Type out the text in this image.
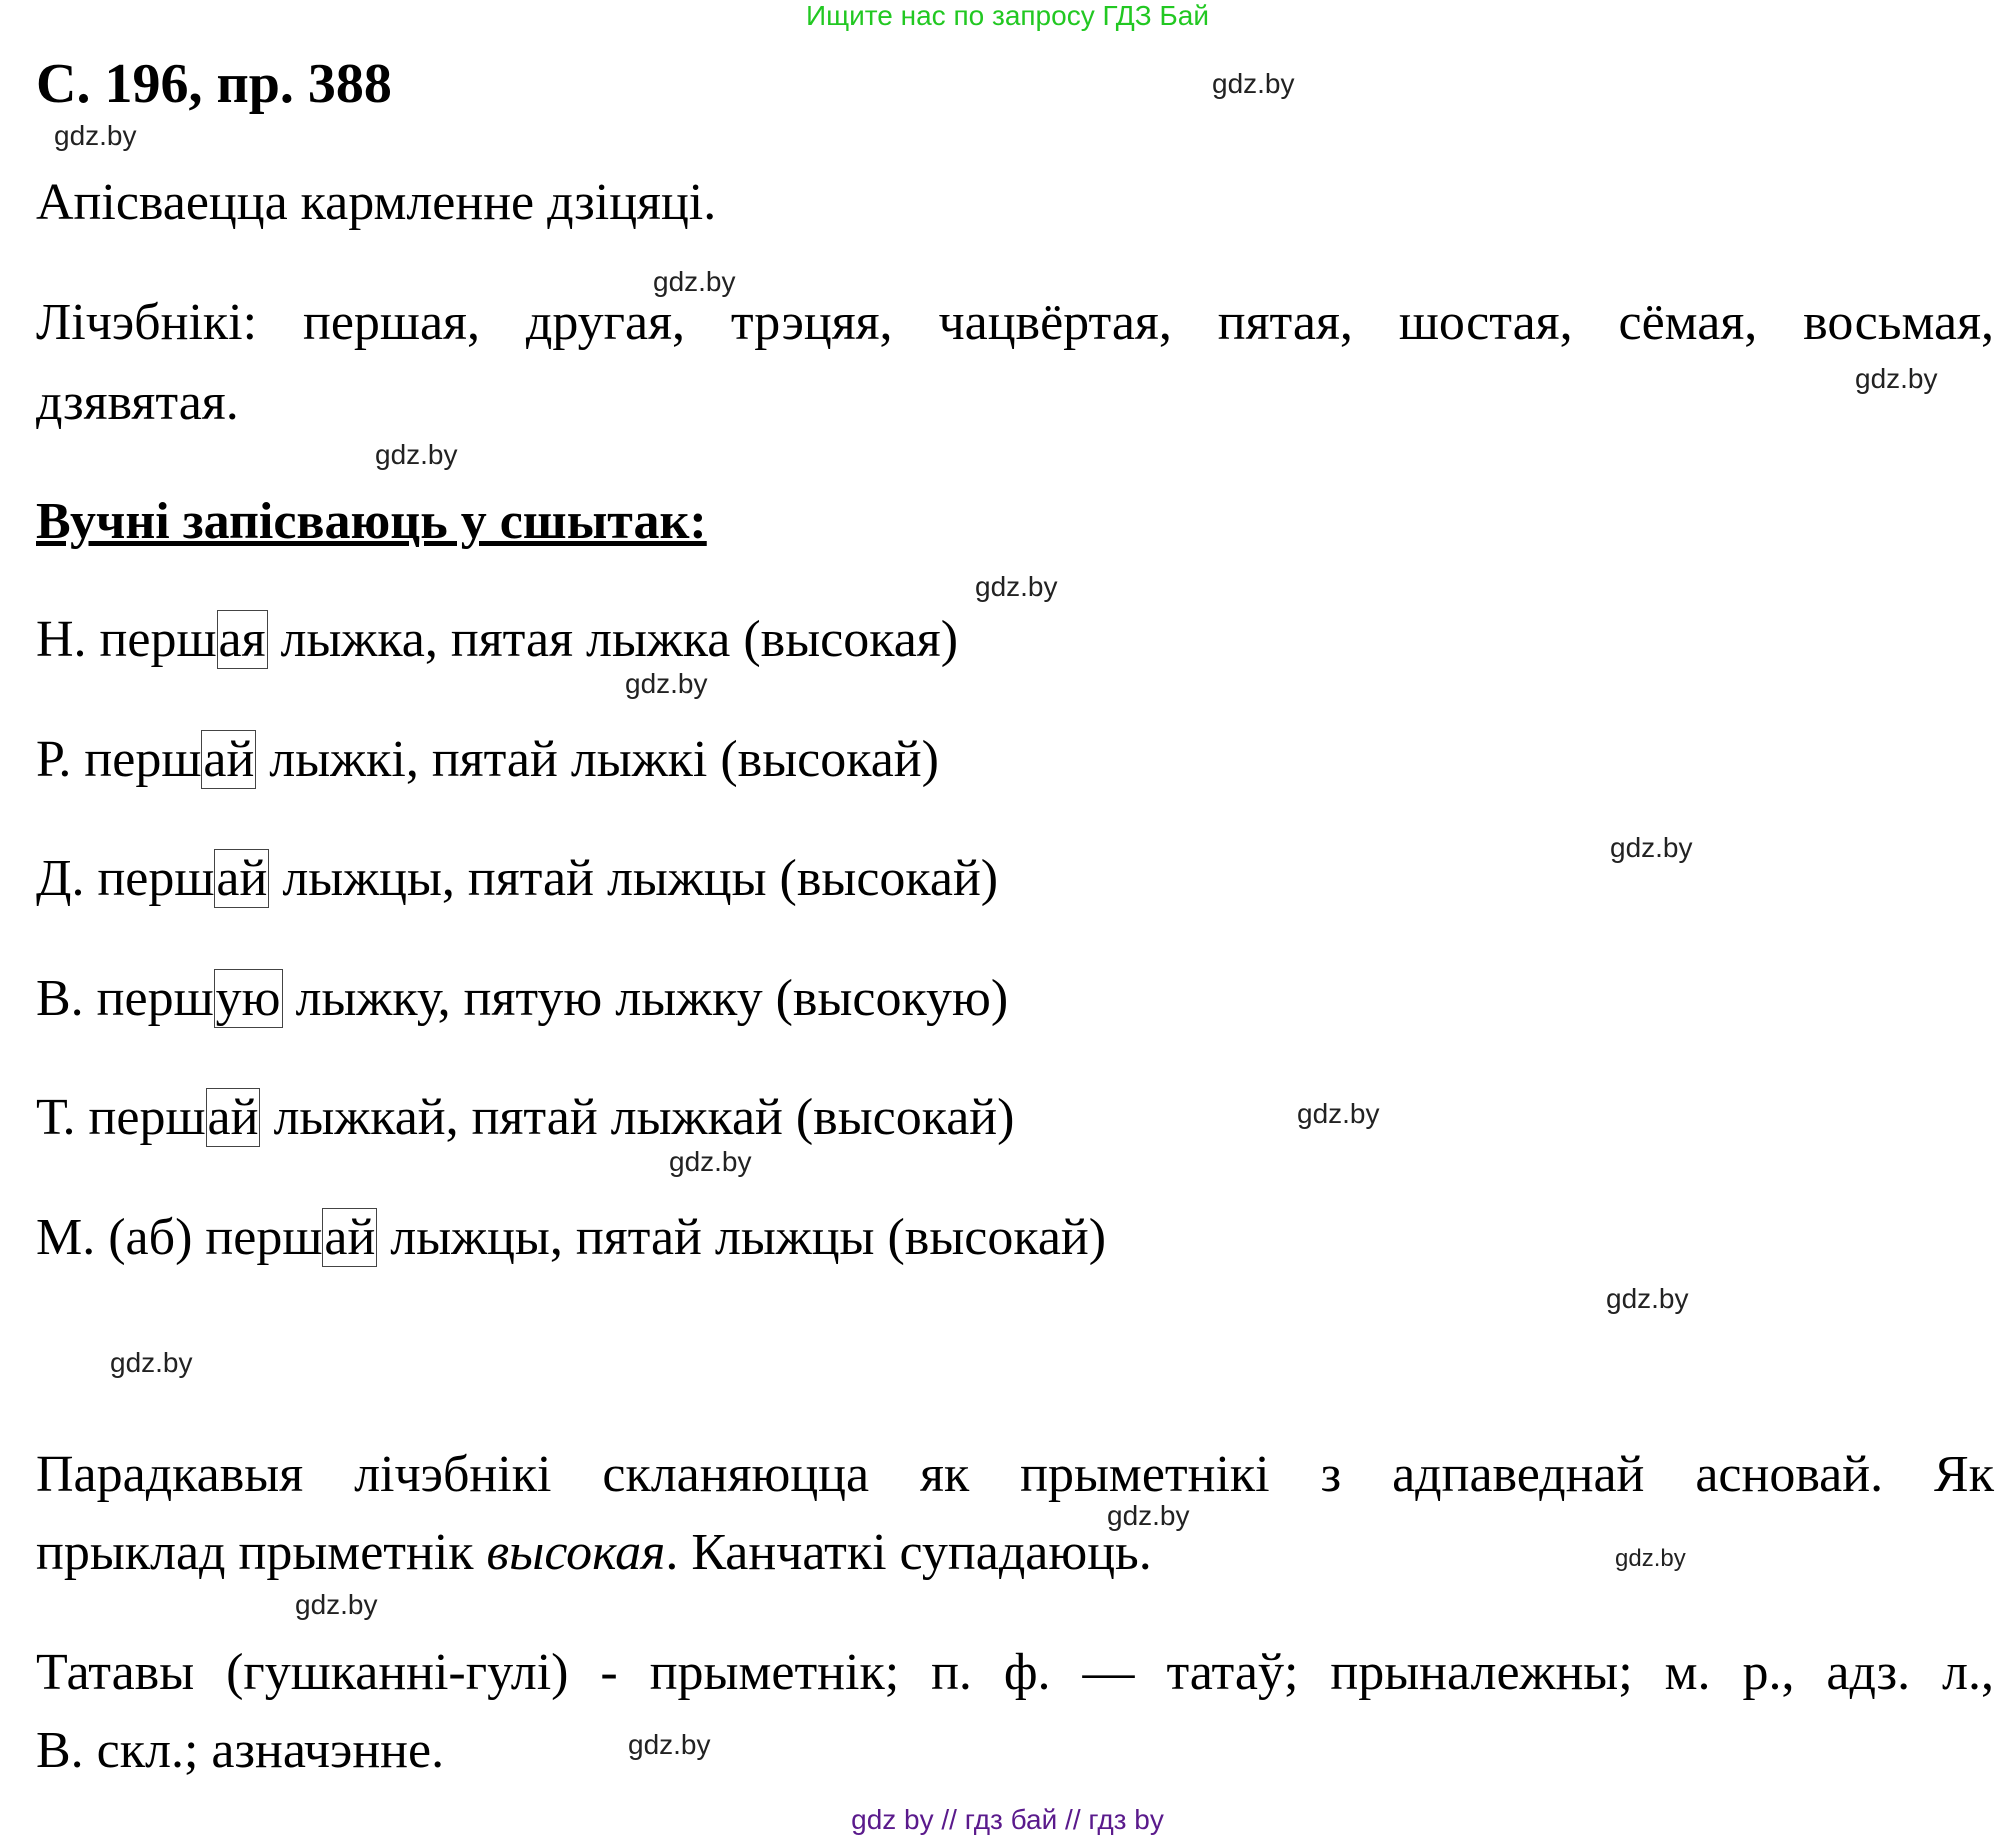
Ищите нас по запросу ГДЗ Бай
С. 196, пр. 388
Апісваецца кармленне дзіцяці.
Лічэбнікі: першая, другая, трэцяя, чацвёртая, пятая, шостая, сёмая, восьмая,
дзявятая.
Вучні запісваюць у сшытак:
Н. першая лыжка, пятая лыжка (высокая)
Р. першай лыжкі, пятай лыжкі (высокай)
Д. першай лыжцы, пятай лыжцы (высокай)
В. першую лыжку, пятую лыжку (высокую)
Т. першай лыжкай, пятай лыжкай (высокай)
М. (аб) першай лыжцы, пятай лыжцы (высокай)
Парадкавыя лічэбнікі скланяюцца як прыметнікі з адпаведнай асновай. Як
прыклад прыметнік высокая. Канчаткі супадаюць.
Татавы (гушканні-гулі) - прыметнік; п. ф. — татаў; прыналежны; м. р., адз. л.,
В. скл.; азначэнне.
gdz.by
gdz.by
gdz.by
gdz.by
gdz.by
gdz.by
gdz.by
gdz.by
gdz.by
gdz.by
gdz.by
gdz.by
gdz.by
gdz.by
gdz.by
gdz.by
gdz by // гдз бай // гдз by
